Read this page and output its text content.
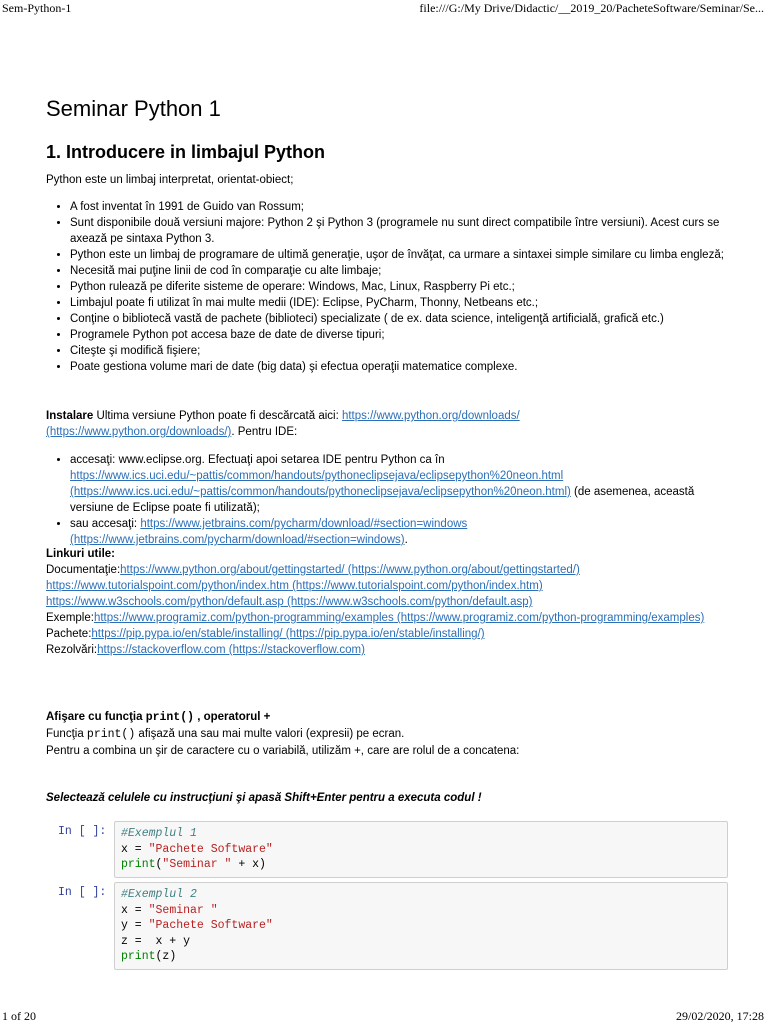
Sem-Python-1	file:///G:/My Drive/Didactic/__2019_20/PacheteSoftware/Seminar/Se...
Seminar Python 1
1. Introducere in limbajul Python

Python este un limbaj interpretat, orientat-obiect;

• A fost inventat în 1991 de Guido van Rossum;
• Sunt disponibile două versiuni majore: Python 2 şi Python 3 (programele nu sunt direct compatibile între versiuni). Acest curs se axează pe sintaxa Python 3.
• Python este un limbaj de programare de ultimă generaţie, uşor de învăţat, ca urmare a sintaxei simple similare cu limba engleză;
• Necesită mai puţine linii de cod în comparaţie cu alte limbaje;
• Python rulează pe diferite sisteme de operare: Windows, Mac, Linux, Raspberry Pi etc.;
• Limbajul poate fi utilizat în mai multe medii (IDE): Eclipse, PyCharm, Thonny, Netbeans etc.;
• Conţine o bibliotecă vastă de pachete (biblioteci) specializate ( de ex. data science, inteligenţă artificială, grafică etc.)
• Programele Python pot accesa baze de date de diverse tipuri;
• Citeşte şi modifică fişiere;
• Poate gestiona volume mari de date (big data) şi efectua operaţii matematice complexe.

Instalare Ultima versiune Python poate fi descărcată aici: https://www.python.org/downloads/ (https://www.python.org/downloads/). Pentru IDE:

• accesaţi: www.eclipse.org. Efectuaţi apoi setarea IDE pentru Python ca în https://www.ics.uci.edu/~pattis/common/handouts/pythoneclipsejava/eclipsepython%20neon.html (https://www.ics.uci.edu/~pattis/common/handouts/pythoneclipsejava/eclipsepython%20neon.html) (de asemenea, această versiune de Eclipse poate fi utilizată);
• sau accesaţi: https://www.jetbrains.com/pycharm/download/#section=windows (https://www.jetbrains.com/pycharm/download/#section=windows).
Linkuri utile:
Documentaţie:https://www.python.org/about/gettingstarted/ (https://www.python.org/about/gettingstarted/)
https://www.tutorialspoint.com/python/index.htm (https://www.tutorialspoint.com/python/index.htm)
https://www.w3schools.com/python/default.asp (https://www.w3schools.com/python/default.asp)
Exemple:https://www.programiz.com/python-programming/examples (https://www.programiz.com/python-programming/examples)
Pachete:https://pip.pypa.io/en/stable/installing/ (https://pip.pypa.io/en/stable/installing/)
Rezolvări:https://stackoverflow.com (https://stackoverflow.com)
Afişare cu funcţia print() , operatorul +
Funcţia print() afişază una sau mai multe valori (expresii) pe ecran.
Pentru a combina un şir de caractere cu o variabilă, utilizăm +, care are rolul de a concatena:

Selectează celulele cu instrucţiuni şi apasă Shift+Enter pentru a executa codul !

In [ ]:	#Exemplul 1
x = "Pachete Software"
print("Seminar " + x)
In [ ]:	#Exemplul 2
x = "Seminar "
y = "Pachete Software"
z =  x + y
print(z)
1 of 20	29/02/2020, 17:28
